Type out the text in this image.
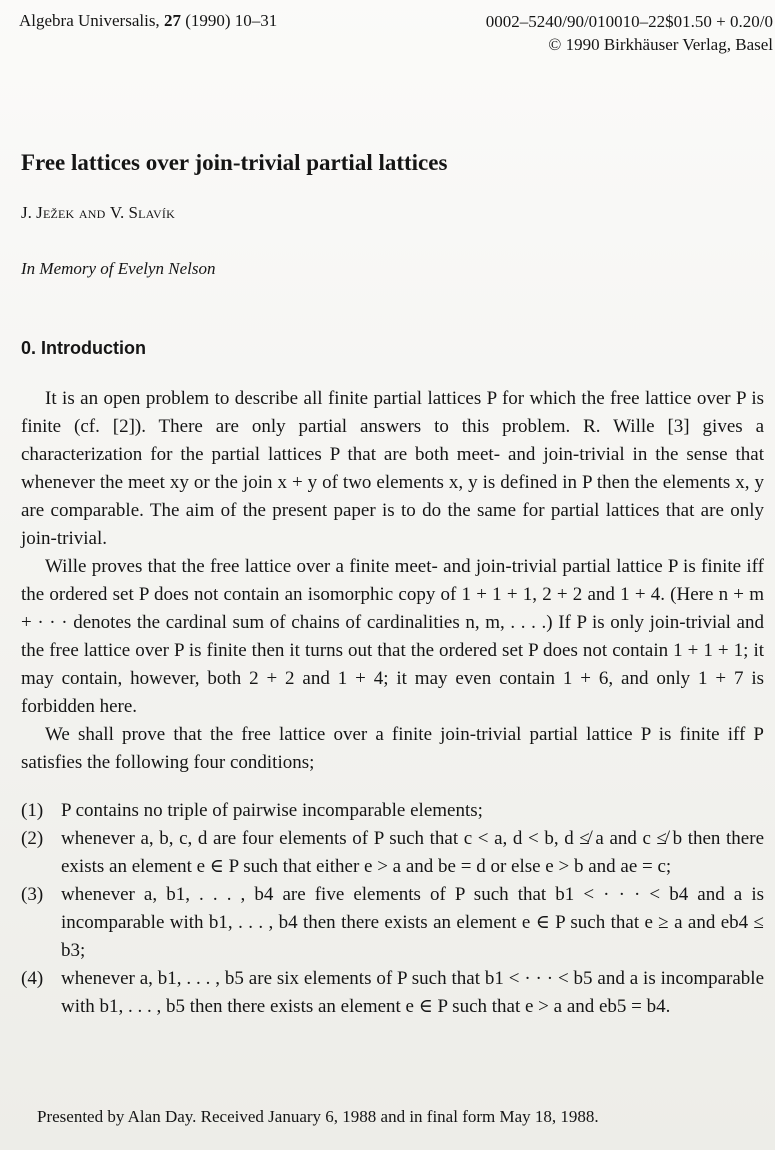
Algebra Universalis, 27 (1990) 10–31	0002–5240/90/010010–22$01.50 + 0.20/0
© 1990 Birkhäuser Verlag, Basel
Free lattices over join-trivial partial lattices
J. Ježek and V. Slavík
In Memory of Evelyn Nelson
0. Introduction

It is an open problem to describe all finite partial lattices P for which the free lattice over P is finite (cf. [2]). There are only partial answers to this problem. R. Wille [3] gives a characterization for the partial lattices P that are both meet- and join-trivial in the sense that whenever the meet xy or the join x + y of two elements x, y is defined in P then the elements x, y are comparable. The aim of the present paper is to do the same for partial lattices that are only join-trivial.

Wille proves that the free lattice over a finite meet- and join-trivial partial lattice P is finite iff the ordered set P does not contain an isomorphic copy of 1 + 1 + 1, 2 + 2 and 1 + 4. (Here n + m + · · · denotes the cardinal sum of chains of cardinalities n, m, . . . .) If P is only join-trivial and the free lattice over P is finite then it turns out that the ordered set P does not contain 1 + 1 + 1; it may contain, however, both 2 + 2 and 1 + 4; it may even contain 1 + 6, and only 1 + 7 is forbidden here.

We shall prove that the free lattice over a finite join-trivial partial lattice P is finite iff P satisfies the following four conditions;

(1) P contains no triple of pairwise incomparable elements;
(2) whenever a, b, c, d are four elements of P such that c < a, d < b, d ≰ a and c ≰ b then there exists an element e ∈ P such that either e > a and be = d or else e > b and ae = c;
(3) whenever a, b1, . . . , b4 are five elements of P such that b1 < · · · < b4 and a is incomparable with b1, . . . , b4 then there exists an element e ∈ P such that e ≥ a and eb4 ≤ b3;
(4) whenever a, b1, . . . , b5 are six elements of P such that b1 < · · · < b5 and a is incomparable with b1, . . . , b5 then there exists an element e ∈ P such that e > a and eb5 = b4.
Presented by Alan Day. Received January 6, 1988 and in final form May 18, 1988.
